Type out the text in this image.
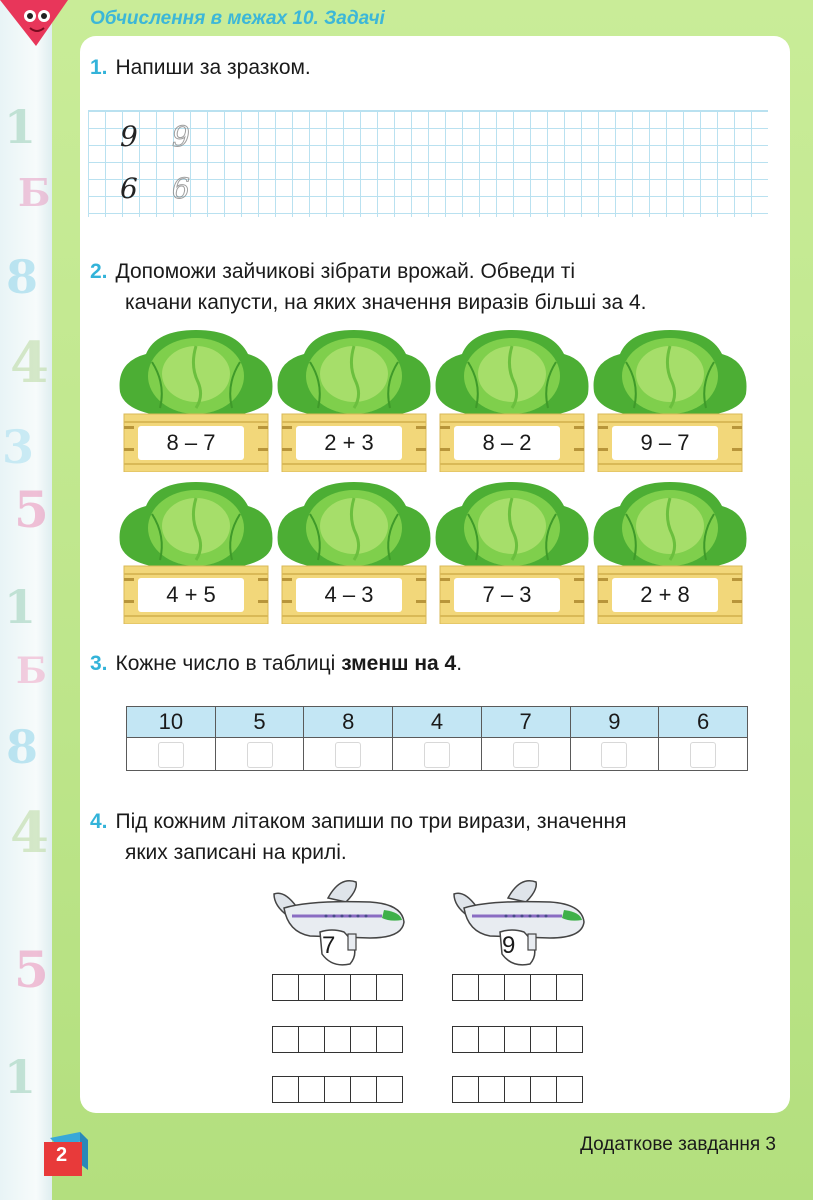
1
Б
8
4
3
5
1
Б
8
4
5
1
Обчислення в межах 10. Задачі
1. Напиши за зразком.
9 9
6 6
2. Допоможи зайчикові зібрати врожай. Обведи ті
качани капусти, на яких значення виразів більші за 4.
8 – 7	2 + 3	8 – 2	9 – 7
4 + 5	4 – 3	7 – 3	2 + 8
3. Кожне число в таблиці зменш на 4.
10	5	8	4	7	9	6

4. Під кожним літаком запиши по три вирази, значення
яких записані на крилі.
7	9
2	Додаткове завдання 3
